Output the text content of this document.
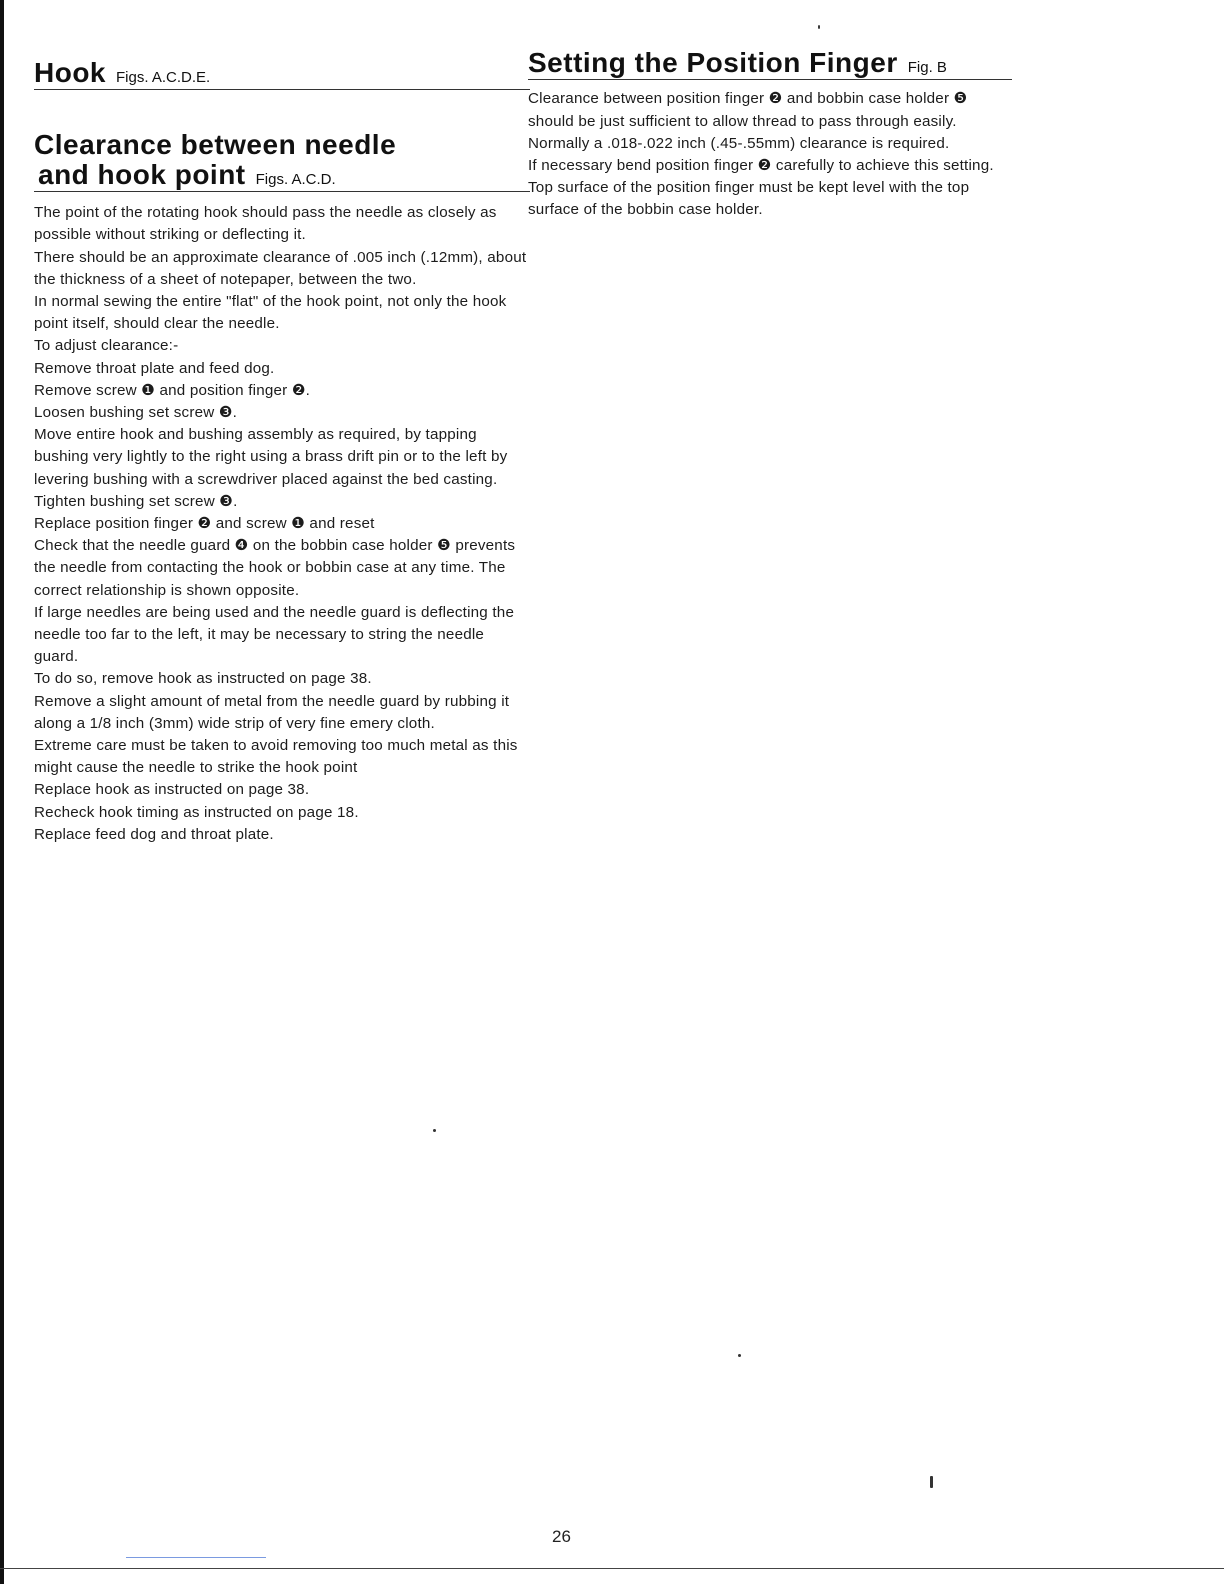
Hook Figs. A.C.D.E.
Clearance between needle
and hook point Figs. A.C.D.

The point of the rotating hook should pass the needle as closely as possible without striking or deflecting it.

There should be an approximate clearance of .005 inch (.12mm), about the thickness of a sheet of notepaper, between the two.

In normal sewing the entire "flat" of the hook point, not only the hook point itself, should clear the needle.

To adjust clearance:-

Remove throat plate and feed dog.

Remove screw ❶ and position finger ❷.

Loosen bushing set screw ❸.

Move entire hook and bushing assembly as required, by tapping bushing very lightly to the right using a brass drift pin or to the left by levering bushing with a screwdriver placed against the bed casting. Tighten bushing set screw ❸.

Replace position finger ❷ and screw ❶ and reset

Check that the needle guard ❹ on the bobbin case holder ❺ prevents the needle from contacting the hook or bobbin case at any time. The correct relationship is shown opposite.

If large needles are being used and the needle guard is deflecting the needle too far to the left, it may be necessary to string the needle guard.

To do so, remove hook as instructed on page 38.

Remove a slight amount of metal from the needle guard by rubbing it along a 1/8 inch (3mm) wide strip of very fine emery cloth.

Extreme care must be taken to avoid removing too much metal as this might cause the needle to strike the hook point

Replace hook as instructed on page 38.

Recheck hook timing as instructed on page 18.

Replace feed dog and throat plate.

Setting the Position Finger Fig. B

Clearance between position finger ❷ and bobbin case holder ❺ should be just sufficient to allow thread to pass through easily. Normally a .018-.022 inch (.45-.55mm) clearance is required.

If necessary bend position finger ❷ carefully to achieve this setting.

Top surface of the position finger must be kept level with the top surface of the bobbin case holder.

26
